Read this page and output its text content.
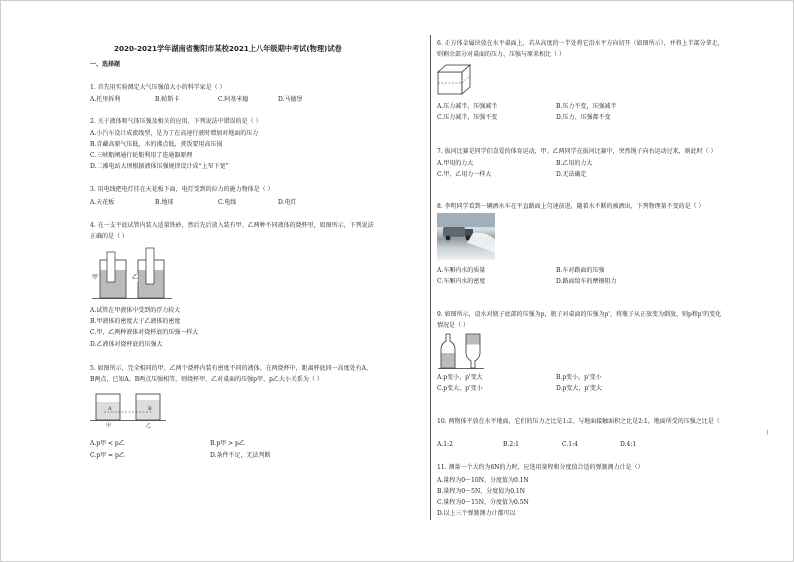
2020-2021学年湖南省衡阳市某校2021上八年级期中考试(物理)试卷
一、选择题
1. 首先用实验测定大气压强值大小的科学家是（ ）
A.托里拆利	B.帕斯卡	C.阿基米德	D.马德堡
2. 关于液体和气体压强及相关的应用，下列说法中错误的是（ ）
A.小汽车设计成流线型，是为了在高速行驶时增加对地面的压力
B.青藏高原气压低，水的沸点低，煮饭要用高压锅
C.三峡船闸通行轮船利用了连通器原理
D.二滩电站大坝根据液体压强规律设计成“上窄下宽”
3. 用电线把电灯挂在天花板下面，电灯受到的拉力的施力物体是（ ）
A.天花板	B.地球	C.电线	D.电灯
4. 在一支平底试管内装入适量铁砂，然后先后放入装有甲、乙两种不同液体的烧杯里，如图所示，下列说法
正确的是（ ）
甲	乙
A.试管在甲液体中受到的浮力较大
B.甲液体的密度大于乙液体的密度
C.甲、乙两种液体对烧杯底的压强一样大
D.乙液体对烧杯底的压强大
5. 如图所示，完全相同的甲、乙两个烧杯内装有密度不同的液体，在两烧杯中，距离杯底同一高度处有A、
B两点，已知A、B两点压强相等，则烧杯甲、乙对桌面的压强p甲、p乙大小关系为（ ）
A	B
甲	乙
A.p甲 < p乙	B.p甲 > p乙
C.p甲 = p乙	D.条件不足，无法判断
6. 正方体金属块放在水平桌面上，若从高度的一半处将它沿水平方向切开（如图所示），并将上半部分拿走，
则剩余部分对桌面的压力、压强与原来相比（ ）
A.压力减半，压强减半	B.压力不变，压强减半
C.压力减半，压强不变	D.压力、压强都不变
7. 拔河比赛是同学们喜爱的体育运动，甲、乙两同学在拔河比赛中，突然绳子向右运动过来，则此时（ ）
A.甲用的力大	B.乙用的力大
C.甲、乙用力一样大	D.无法确定
8. 李明同学看到一辆洒水车在平直路面上匀速前进，随着水不断的被洒出，下列物理量不变的是（ ）
A.车厢内水的质量	B.车对路面的压强
C.车厢内水的密度	D.路面给车的摩擦阻力
9. 如图所示，设水对瓶子底部的压强为p，瓶子对桌面的压强为p'，将瓶子从正放变为倒放，则p和p'的变化
情况是（ ）
A.p变小，p'变大	B.p变小，p'变小
C.p变大，p'变小	D.p变大，p'变大
10. 两物体平放在水平地面，它们的压力之比是1:2，与地面接触面积之比是2:1，地面所受的压强之比是（
）
A.1:2	B.2:1	C.1:4	D.4:1
11. 测量一个大约为6N的力时，应选用量程和分度值合适的弹簧测力计是（）
A.量程为0～10N，分度值为0.1N
B.量程为0～5N，分度值为0.1N
C.量程为0～15N，分度值为0.5N
D.以上三个弹簧测力计都可以
